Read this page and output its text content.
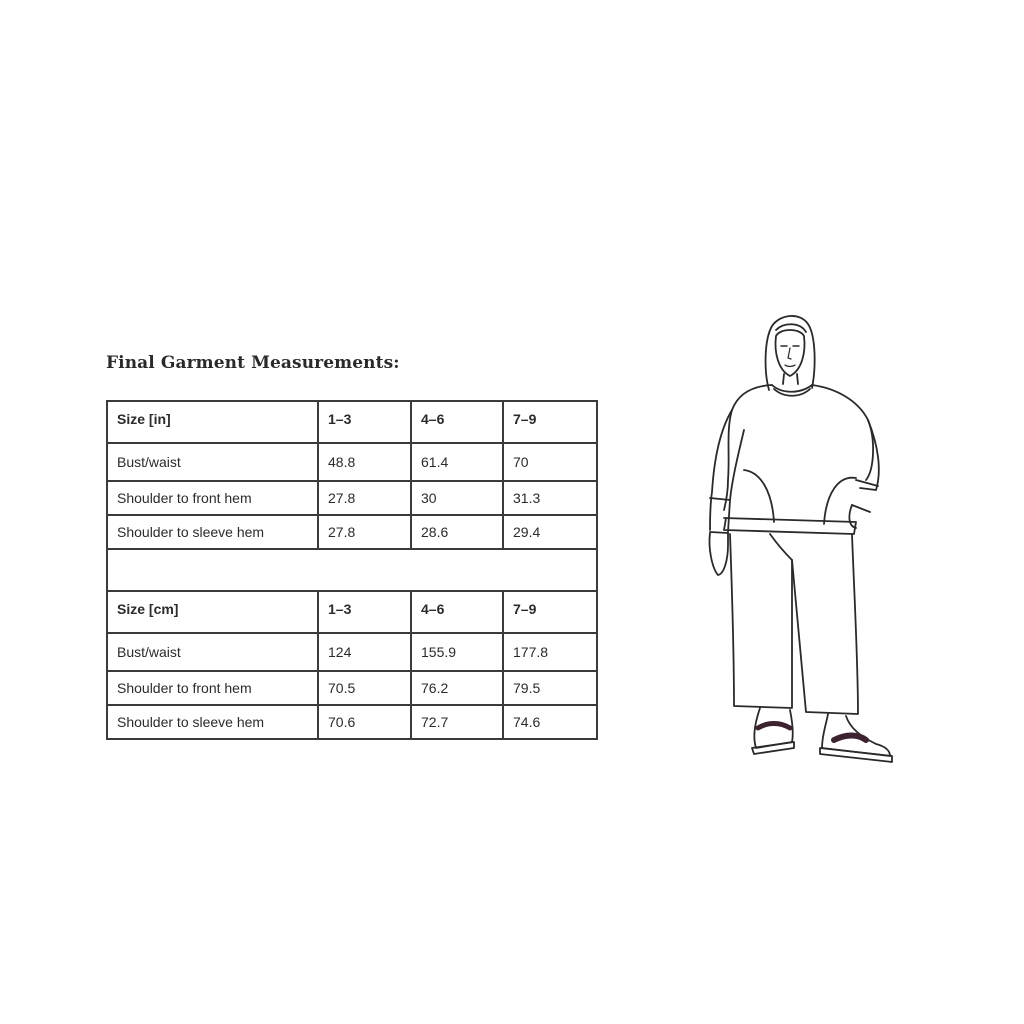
Final Garment Measurements:
Size [in]	1–3	4–6	7–9
Bust/waist	48.8	61.4	70
Shoulder to front hem	27.8	30	31.3
Shoulder to sleeve hem	27.8	28.6	29.4

Size [cm]	1–3	4–6	7–9
Bust/waist	124	155.9	177.8
Shoulder to front hem	70.5	76.2	79.5
Shoulder to sleeve hem	70.6	72.7	74.6
